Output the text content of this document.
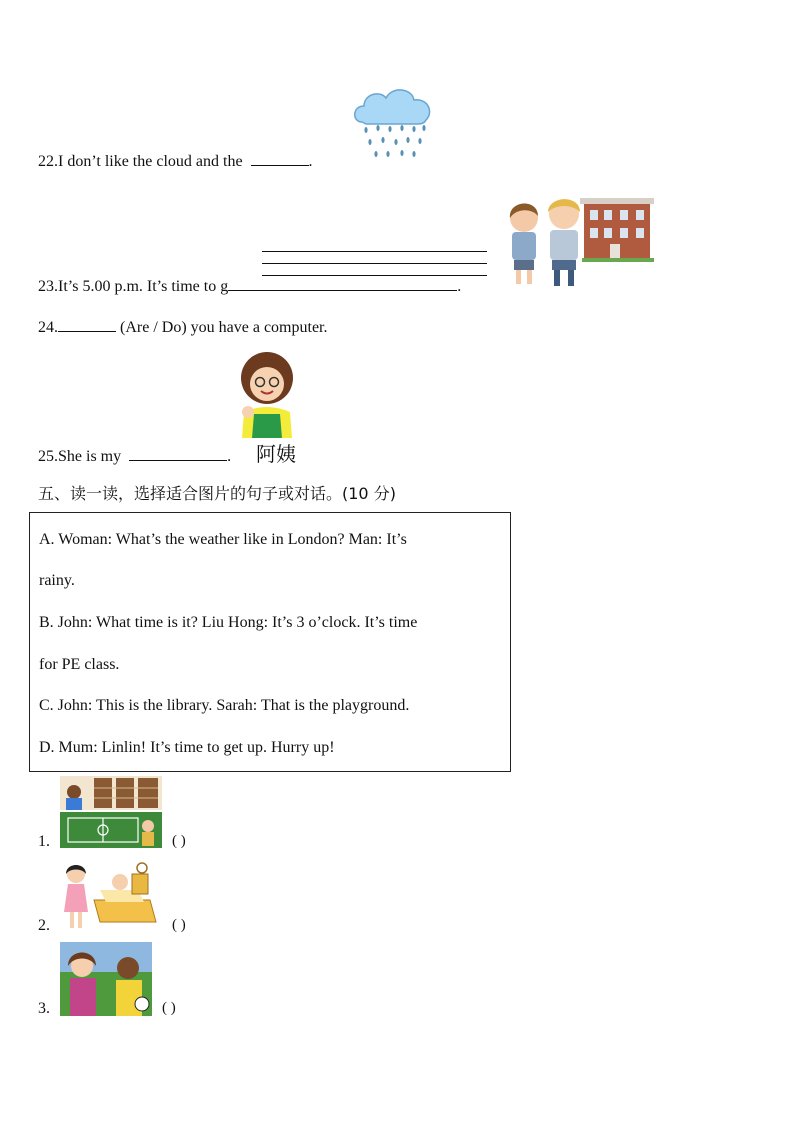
22.I don’t like the cloud and the	.
23.It’s 5.00 p.m. It’s time to g	.
24.	(Are / Do) you have a computer.
25.She is my	. 阿姨
五、读一读，选择适合图片的句子或对话。(10 分)
A. Woman: What’s the weather like in London? Man: It’s
rainy.
B. John: What time is it? Liu Hong: It’s 3 o’clock. It’s time
for PE class.
C. John: This is the library. Sarah: That is the playground.
D. Mum: Linlin! It’s time to get up. Hurry up!
1.	( )
2.	( )
3.	( )
